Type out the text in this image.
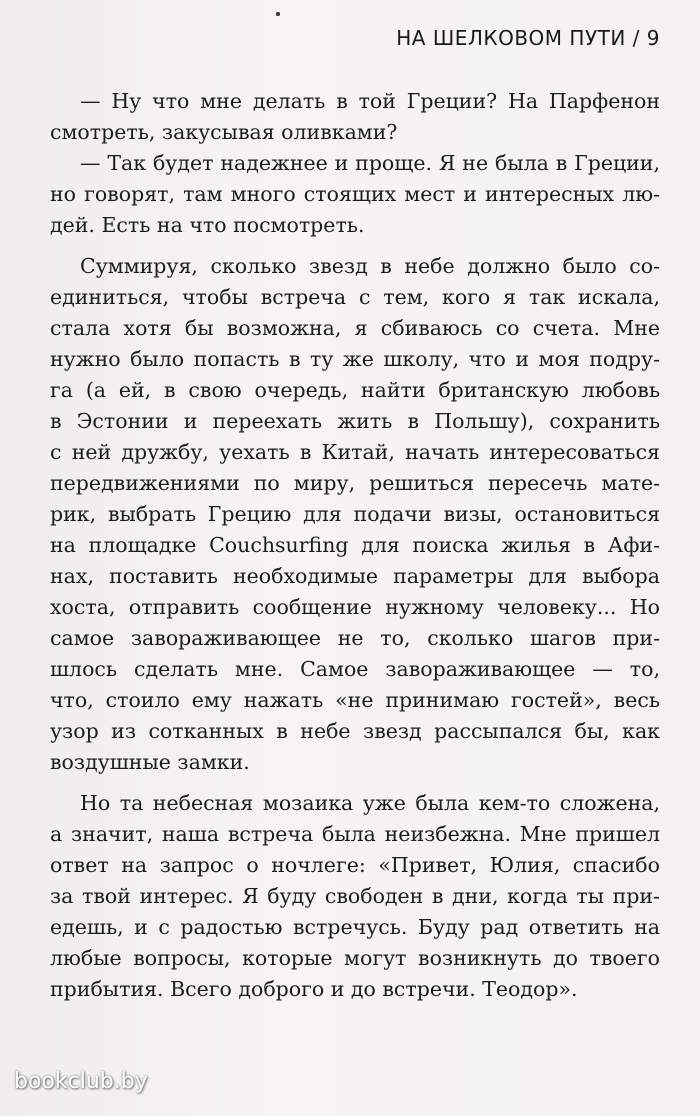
НА ШЕЛКОВОМ ПУТИ / 9
— Ну что мне делать в той Греции? На Парфенон
смотреть, закусывая оливками?
— Так будет надежнее и проще. Я не была в Греции,
но говорят, там много стоящих мест и интересных лю-
дей. Есть на что посмотреть.
Суммируя, сколько звезд в небе должно было со-
единиться, чтобы встреча с тем, кого я так искала,
стала хотя бы возможна, я сбиваюсь со счета. Мне
нужно было попасть в ту же школу, что и моя подру-
га (а ей, в свою очередь, найти британскую любовь
в Эстонии и переехать жить в Польшу), сохранить
с ней дружбу, уехать в Китай, начать интересоваться
передвижениями по миру, решиться пересечь мате-
рик, выбрать Грецию для подачи визы, остановиться
на площадке Couchsurfing для поиска жилья в Афи-
нах, поставить необходимые параметры для выбора
хоста, отправить сообщение нужному человеку... Но
самое завораживающее не то, сколько шагов при-
шлось сделать мне. Самое завораживающее — то,
что, стоило ему нажать «не принимаю гостей», весь
узор из сотканных в небе звезд рассыпался бы, как
воздушные замки.
Но та небесная мозаика уже была кем-то сложена,
а значит, наша встреча была неизбежна. Мне пришел
ответ на запрос о ночлеге: «Привет, Юлия, спасибо
за твой интерес. Я буду свободен в дни, когда ты при-
едешь, и с радостью встречусь. Буду рад ответить на
любые вопросы, которые могут возникнуть до твоего
прибытия. Всего доброго и до встречи. Теодор».
bookclub.by
